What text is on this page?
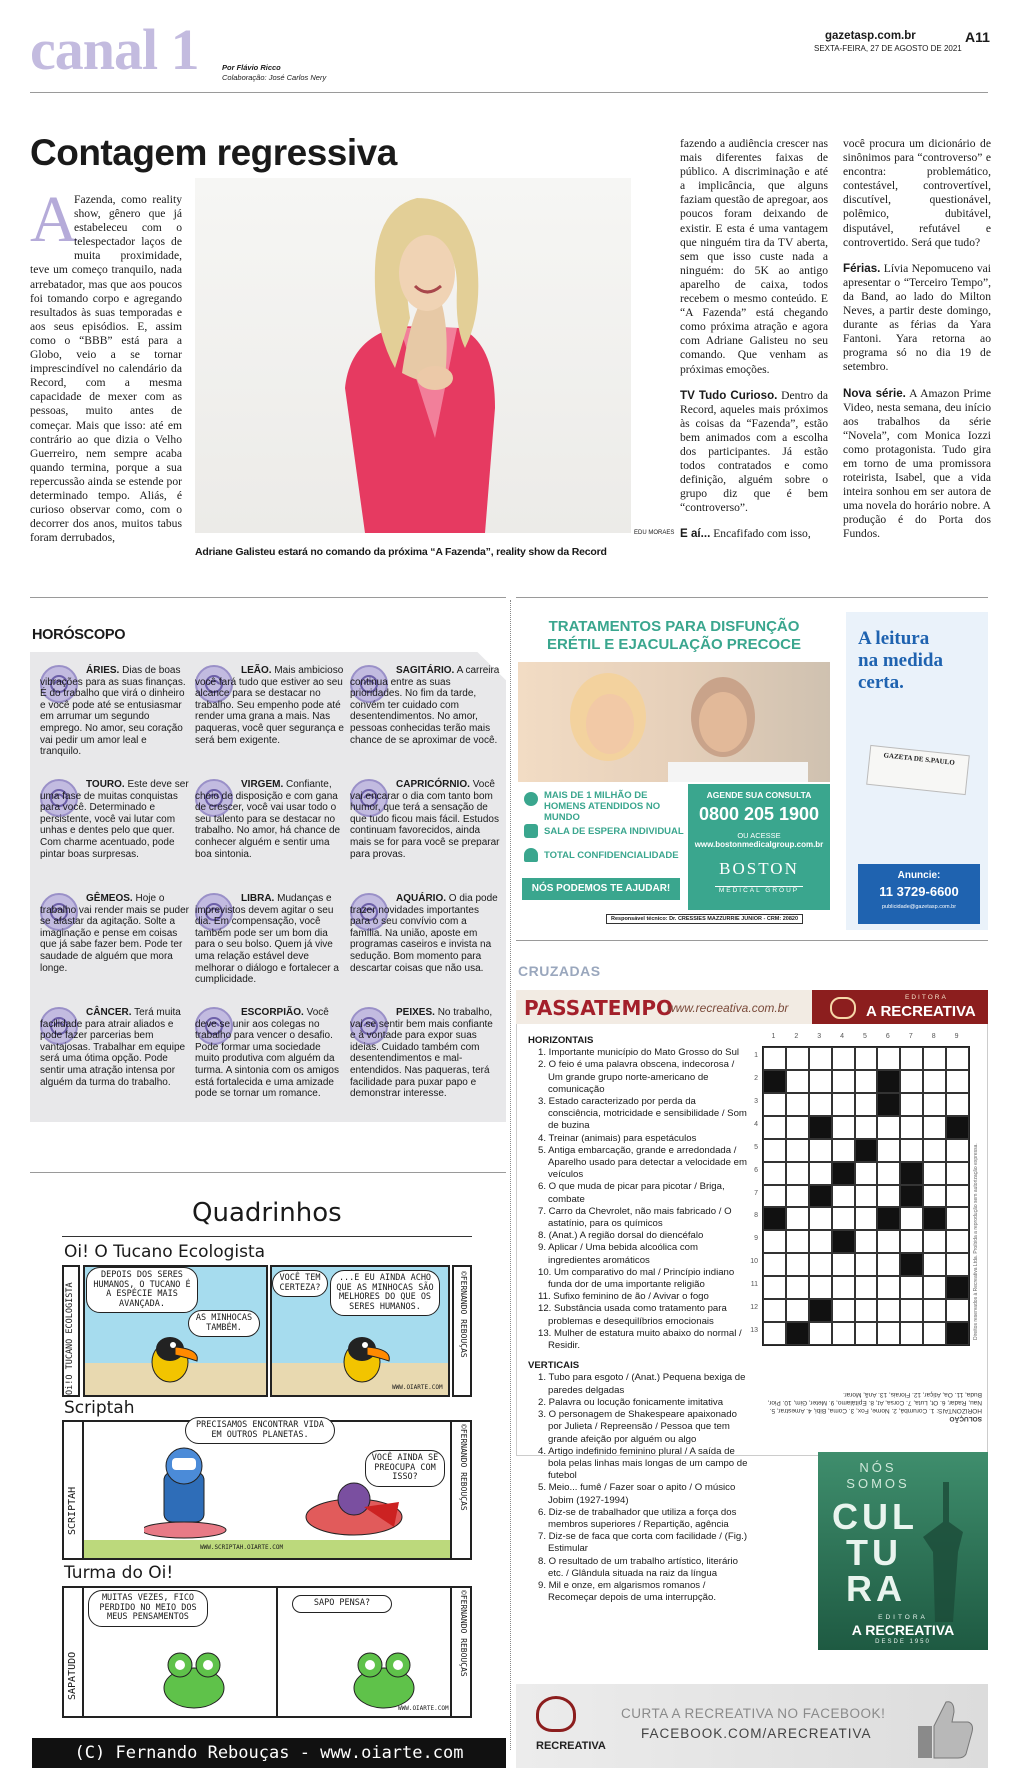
canal 1	Por Flávio Ricco
Colaboração: José Carlos Nery
gazetasp.com.br	A11
SEXTA-FEIRA, 27 DE AGOSTO DE 2021
Contagem regressiva
A
Fazenda, como reality show, gênero que já estabeleceu com o telespectador laços de muita proximidade, teve um começo tranquilo, nada arrebatador, mas que aos poucos foi tomando corpo e agregando resultados às suas temporadas e aos seus episódios. E, assim como o “BBB” está para a Globo, veio a se tornar imprescindível no calendário da Record, com a mesma capacidade de mexer com as pessoas, muito antes de começar. Mais que isso: até em contrário ao que dizia o Velho Guerreiro, nem sempre acaba quando termina, porque a sua repercussão ainda se estende por determinado tempo. Aliás, é curioso observar como, com o decorrer dos anos, muitos tabus foram derrubados,	EDU MORAES
Adriane Galisteu estará no comando da próxima “A Fazenda”, reality show da Record

fazendo a audiência crescer nas mais diferentes faixas de público. A discriminação e até a implicância, que alguns faziam questão de apregoar, aos poucos foram deixando de existir. E esta é uma vantagem que ninguém tira da TV aberta, sem que isso custe nada a ninguém: do 5K ao antigo aparelho de caixa, todos recebem o mesmo conteúdo. E “A Fazenda” está chegando como próxima atração e agora com Adriane Galisteu no seu comando. Que venham as próximas emoções.

TV Tudo Curioso. Dentro da Record, aqueles mais próximos às coisas da “Fazenda”, estão bem animados com a escolha dos participantes. Já estão todos contratados e como definição, alguém sobre o grupo diz que é bem “controverso”.

E aí... Encafifado com isso,

você procura um dicionário de sinônimos para “controverso” e encontra: problemático, contestável, controvertível, discutível, questionável, polêmico, dubitável, disputável, refutável e controvertido. Será que tudo?

Férias. Lívia Nepomuceno vai apresentar o “Terceiro Tempo”, da Band, ao lado do Milton Neves, a partir deste domingo, durante as férias da Yara Fantoni. Yara retorna ao programa só no dia 19 de setembro.

Nova série. A Amazon Prime Video, nesta semana, deu início aos trabalhos da série “Novela”, com Monica Iozzi como protagonista. Tudo gira em torno de uma promissora roteirista, Isabel, que a vida inteira sonhou em ser autora de uma novela do horário nobre. A produção é do Porta dos Fundos.

HORÓSCOPO
ÁRIES. Dias de boas vibrações para as suas finanças. É do trabalho que virá o dinheiro e você pode até se entusiasmar em arrumar um segundo emprego. No amor, seu coração vai pedir um amor leal e tranquilo.
LEÃO. Mais ambicioso você fará tudo que estiver ao seu alcance para se destacar no trabalho. Seu empenho pode até render uma grana a mais. Nas paqueras, você quer segurança e será bem exigente.
SAGITÁRIO. A carreira continua entre as suas prioridades. No fim da tarde, convém ter cuidado com desentendimentos. No amor, pessoas conhecidas terão mais chance de se aproximar de você.
TOURO. Este deve ser uma fase de muitas conquistas para você. Determinado e persistente, você vai lutar com unhas e dentes pelo que quer. Com charme acentuado, pode pintar boas surpresas.
VIRGEM. Confiante, cheio de disposição e com gana de crescer, você vai usar todo o seu talento para se destacar no trabalho. No amor, há chance de conhecer alguém e sentir uma boa sintonia.
CAPRICÓRNIO. Você vai encarar o dia com tanto bom humor, que terá a sensação de que tudo ficou mais fácil. Estudos continuam favorecidos, ainda mais se for para você se preparar para provas.
GÊMEOS. Hoje o trabalho vai render mais se puder se afastar da agitação. Solte a imaginação e pense em coisas que já sabe fazer bem. Pode ter saudade de alguém que mora longe.
LIBRA. Mudanças e imprevistos devem agitar o seu dia. Em compensação, você também pode ser um bom dia para o seu bolso. Quem já vive uma relação estável deve melhorar o diálogo e fortalecer a cumplicidade.
AQUÁRIO. O dia pode trazer novidades importantes para o seu convívio com a família. Na união, aposte em programas caseiros e invista na sedução. Bom momento para descartar coisas que não usa.
CÂNCER. Terá muita facilidade para atrair aliados e pode fazer parcerias bem vantajosas. Trabalhar em equipe será uma ótima opção. Pode sentir uma atração intensa por alguém da turma do trabalho.
ESCORPIÃO. Você deve se unir aos colegas no trabalho para vencer o desafio. Pode formar uma sociedade muito produtiva com alguém da turma. A sintonia com os amigos está fortalecida e uma amizade pode se tornar um romance.
PEIXES. No trabalho, vai se sentir bem mais confiante e à vontade para expor suas ideias. Cuidado também com desentendimentos e mal-entendidos. Nas paqueras, terá facilidade para puxar papo e demonstrar interesse.
Quadrinhos
Oi! O Tucano Ecologista
Oi!O TUCANO ECOLOGISTA
DEPOIS DOS SERES HUMANOS, O TUCANO É A ESPÉCIE MAIS AVANÇADA.
AS MINHOCAS TAMBÉM.
VOCÊ TEM CERTEZA?
...E EU AINDA ACHO QUE AS MINHOCAS SÃO MELHORES DO QUE OS SERES HUMANOS.
WWW.OIARTE.COM
©FERNANDO REBOUÇAS
Scriptah
PRECISAMOS ENCONTRAR VIDA EM OUTROS PLANETAS.
VOCÊ AINDA SE PREOCUPA COM ISSO?
SCRIPTAH
©FERNANDO REBOUÇAS
WWW.SCRIPTAH.OIARTE.COM
Turma do Oi!
MUITAS VEZES, FICO PERDIDO NO MEIO DOS MEUS PENSAMENTOS
SAPO PENSA?
SAPATUDO	©FERNANDO REBOUÇAS
WWW.OIARTE.COM
(C) Fernando Rebouças - www.oiarte.com
TRATAMENTOS PARA DISFUNÇÃO
ERÉTIL E EJACULAÇÃO PRECOCE
MAIS DE 1 MILHÃO DE HOMENS ATENDIDOS NO MUNDO
SALA DE ESPERA INDIVIDUAL
TOTAL CONFIDENCIALIDADE
NÓS PODEMOS TE AJUDAR!
AGENDE SUA CONSULTA
0800 205 1900
OU ACESSE
www.bostonmedicalgroup.com.br
BOSTON
MEDICAL GROUP
Responsável técnico: Dr. CRESSIES MAZZURRIE JUNIOR - CRM: 20820
A leitura
na medida
certa.
GAZETA DE S.PAULO
Anuncie:
11 3729-6600
publicidade@gazetasp.com.br
CRUZADAS
PASSATEMPO
www.recreativa.com.br
EDITORA
A RECREATIVA
HORIZONTAIS
1. Importante município do Mato Grosso do Sul
2. O feio é uma palavra obscena, indecorosa / Um grande grupo norte-americano de comunicação
3. Estado caracterizado por perda da consciência, motricidade e sensibilidade / Som de buzina
4. Treinar (animais) para espetáculos
5. Antiga embarcação, grande e arredondada / Aparelho usado para detectar a velocidade em veículos
6. O que muda de picar para picotar / Briga, combate
7. Carro da Chevrolet, não mais fabricado / O astatínio, para os químicos
8. (Anat.) A região dorsal do diencéfalo
9. Aplicar / Uma bebida alcoólica com ingredientes aromáticos
10. Um comparativo do mal / Princípio indiano funda dor de uma importante religião
11. Sufixo feminino de ão / Avivar o fogo
12. Substância usada como tratamento para problemas e desequilíbrios emocionais
13. Mulher de estatura muito abaixo do normal / Residir.
VERTICAIS
1. Tubo para esgoto / (Anat.) Pequena bexiga de paredes delgadas
2. Palavra ou locução fonicamente imitativa
3. O personagem de Shakespeare apaixonado por Julieta / Repreensão / Pessoa que tem grande afeição por alguém ou algo
4. Artigo indefinido feminino plural / A saída de bola pelas linhas mais longas de um campo de futebol
5. Meio... fumê / Fazer soar o apito / O músico Jobim (1927-1994)
6. Diz-se de trabalhador que utiliza a força dos membros superiores / Repartição, agência
7. Diz-se de faca que corta com facilidade / (Fig.) Estimular
8. O resultado de um trabalho artístico, literário etc. / Glândula situada na raiz da língua
9. Mil e onze, em algarismos romanos / Recomeçar depois de uma interrupção.
1	2	3	4	5	6	7	8	9
1
2
3
4
5
6
7
8
9
10
11
12
13	Direitos reservados à Recreativa Ltda. Proibida a reprodução sem autorização expressa.
SOLUÇÃO
HORIZONTAIS: 1. Corumbá, 2. Nome, Fox, 3. Coma, Bibi, 4. Amestrar, 5. Nau, Radar, 6. Ot, Luta, 7. Corsa, At, 8. Epitálamo, 9. Meter, Gim, 10. Pior, Buda, 11. Oa, Atiçar, 12. Florais, 13. Anã, Morar.
NÓS
SOMOS
CUL
TU
RA
EDITORA
A RECREATIVA
DESDE 1950
RECREATIVA
CURTA A RECREATIVA NO FACEBOOK!
FACEBOOK.COM/ARECREATIVA
